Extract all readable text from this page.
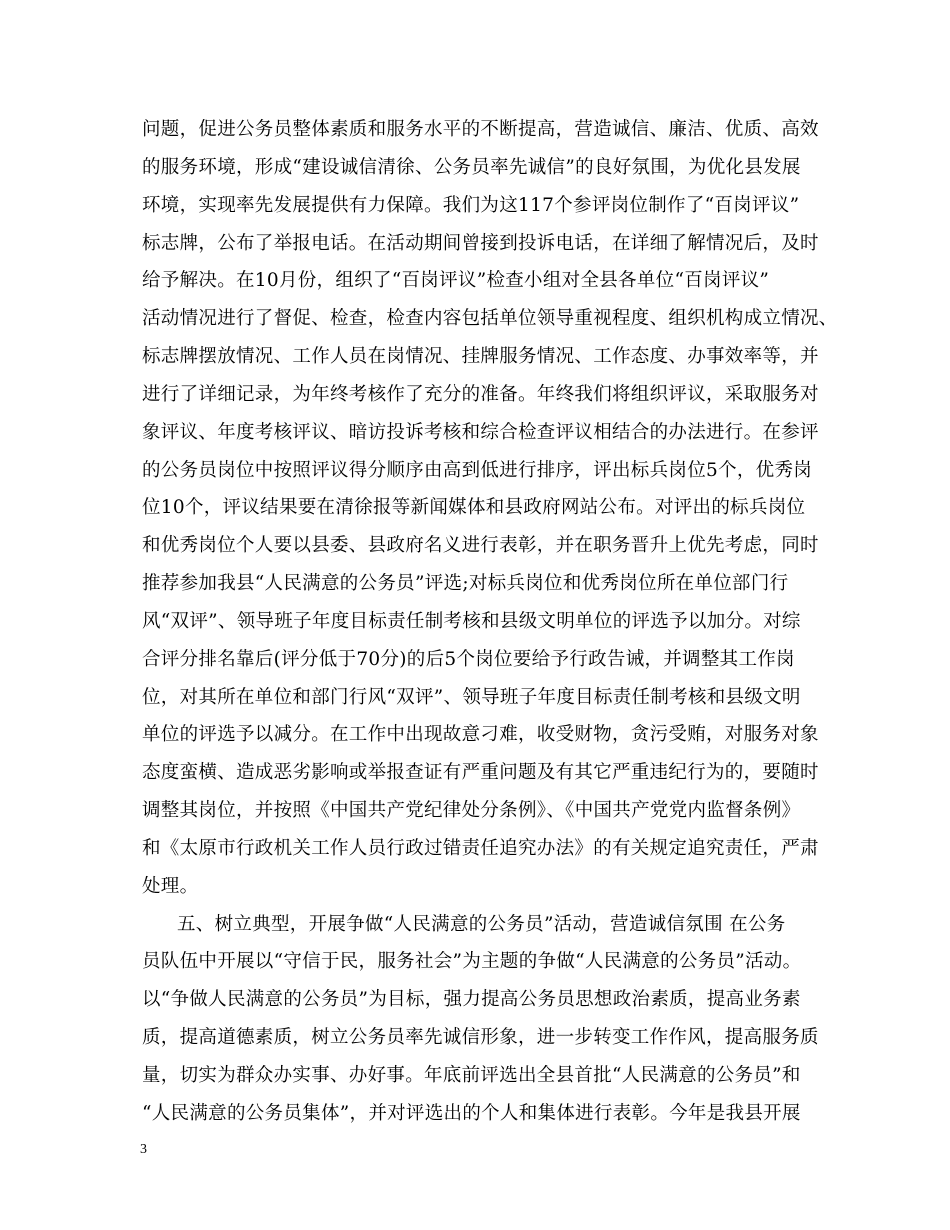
问题，促进公务员整体素质和服务水平的不断提高，营造诚信、廉洁、优质、高效
的服务环境，形成“建设诚信清徐、公务员率先诚信”的良好氛围，为优化县发展
环境，实现率先发展提供有力保障。我们为这117个参评岗位制作了“百岗评议”
标志牌，公布了举报电话。在活动期间曾接到投诉电话，在详细了解情况后，及时
给予解决。在10月份，组织了“百岗评议”检查小组对全县各单位“百岗评议”
活动情况进行了督促、检查，检查内容包括单位领导重视程度、组织机构成立情况、
标志牌摆放情况、工作人员在岗情况、挂牌服务情况、工作态度、办事效率等，并
进行了详细记录，为年终考核作了充分的准备。年终我们将组织评议，采取服务对
象评议、年度考核评议、暗访投诉考核和综合检查评议相结合的办法进行。在参评
的公务员岗位中按照评议得分顺序由高到低进行排序，评出标兵岗位5个，优秀岗
位10个，评议结果要在清徐报等新闻媒体和县政府网站公布。对评出的标兵岗位
和优秀岗位个人要以县委、县政府名义进行表彰，并在职务晋升上优先考虑，同时
推荐参加我县“人民满意的公务员”评选;对标兵岗位和优秀岗位所在单位部门行
风“双评”、领导班子年度目标责任制考核和县级文明单位的评选予以加分。对综
合评分排名靠后(评分低于70分)的后5个岗位要给予行政告诫，并调整其工作岗
位，对其所在单位和部门行风“双评”、领导班子年度目标责任制考核和县级文明
单位的评选予以减分。在工作中出现故意刁难，收受财物，贪污受贿，对服务对象
态度蛮横、造成恶劣影响或举报查证有严重问题及有其它严重违纪行为的，要随时
调整其岗位，并按照《中国共产党纪律处分条例》、《中国共产党党内监督条例》
和《太原市行政机关工作人员行政过错责任追究办法》的有关规定追究责任，严肃
处理。
五、树立典型，开展争做“人民满意的公务员”活动，营造诚信氛围 在公务
员队伍中开展以“守信于民，服务社会”为主题的争做“人民满意的公务员”活动。
以“争做人民满意的公务员”为目标，强力提高公务员思想政治素质，提高业务素
质，提高道德素质，树立公务员率先诚信形象，进一步转变工作作风，提高服务质
量，切实为群众办实事、办好事。年底前评选出全县首批“人民满意的公务员”和
“人民满意的公务员集体”，并对评选出的个人和集体进行表彰。今年是我县开展
3
